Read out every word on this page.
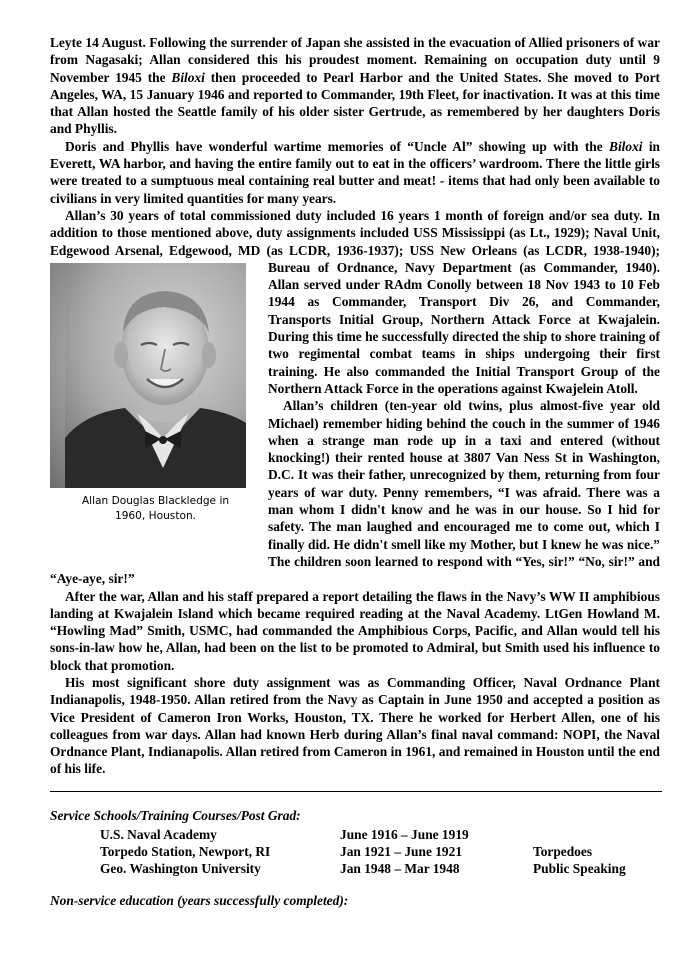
Leyte 14 August. Following the surrender of Japan she assisted in the evacuation of Allied prisoners of war from Nagasaki; Allan considered this his proudest moment. Remaining on occupation duty until 9 November 1945 the Biloxi then proceeded to Pearl Harbor and the United States. She moved to Port Angeles, WA, 15 January 1946 and reported to Commander, 19th Fleet, for inactivation. It was at this time that Allan hosted the Seattle family of his older sister Gertrude, as remembered by her daughters Doris and Phyllis.

Doris and Phyllis have wonderful wartime memories of “Uncle Al” showing up with the Biloxi in Everett, WA harbor, and having the entire family out to eat in the officers’ wardroom. There the little girls were treated to a sumptuous meal containing real butter and meat! - items that had only been available to civilians in very limited quantities for many years.

Allan’s 30 years of total commissioned duty included 16 years 1 month of foreign and/or sea duty. In addition to those mentioned above, duty assignments included USS Mississippi (as Lt., 1929); Naval Unit, Edgewood Arsenal, Edgewood, MD (as LCDR, 1936-1937); USS New Orleans
Allan Douglas Blackledge in
1960, Houston.
(as LCDR, 1938-1940); Bureau of Ordnance, Navy Department (as Commander, 1940). Allan served under RAdm Conolly between 18 Nov 1943 to 10 Feb 1944 as Commander, Transport Div 26, and Commander, Transports Initial Group, Northern Attack Force at Kwajalein. During this time he successfully directed the ship to shore training of two regimental combat teams in ships undergoing their first training. He also commanded the Initial Transport Group of the Northern Attack Force in the operations against Kwajelein Atoll.

Allan’s children (ten-year old twins, plus almost-five year old Michael) remember hiding behind the couch in the summer of 1946 when a strange man rode up in a taxi and entered (without knocking!) their rented house at 3807 Van Ness St in Washington, D.C. It was their father, unrecognized by them, returning from four years of war duty. Penny remembers, “I was afraid. There was a man whom I didn't know and he was in our house. So I hid for safety. The man laughed and encouraged me to come out, which I finally did. He didn't smell like my Mother, but I knew he was nice.” The children soon learned to respond with “Yes, sir!” “No, sir!” and “Aye-aye, sir!”

After the war, Allan and his staff prepared a report detailing the flaws in the Navy’s WW II amphibious landing at Kwajalein Island which became required reading at the Naval Academy. LtGen Howland M. “Howling Mad” Smith, USMC, had commanded the Amphibious Corps, Pacific, and Allan would tell his sons-in-law how he, Allan, had been on the list to be promoted to Admiral, but Smith used his influence to block that promotion.

His most significant shore duty assignment was as Commanding Officer, Naval Ordnance Plant Indianapolis, 1948-1950. Allan retired from the Navy as Captain in June 1950 and accepted a position as Vice President of Cameron Iron Works, Houston, TX. There he worked for Herbert Allen, one of his colleagues from war days. Allan had known Herb during Allan’s final naval command: NOPI, the Naval Ordnance Plant, Indianapolis. Allan retired from Cameron in 1961, and remained in Houston until the end of his life.

Service Schools/Training Courses/Post Grad:
U.S. Naval Academy	June 1916 – June 1919	
Torpedo Station, Newport, RI	Jan 1921 – June 1921	Torpedoes
Geo. Washington University	Jan 1948 – Mar 1948	Public Speaking
Non-service education (years successfully completed):
